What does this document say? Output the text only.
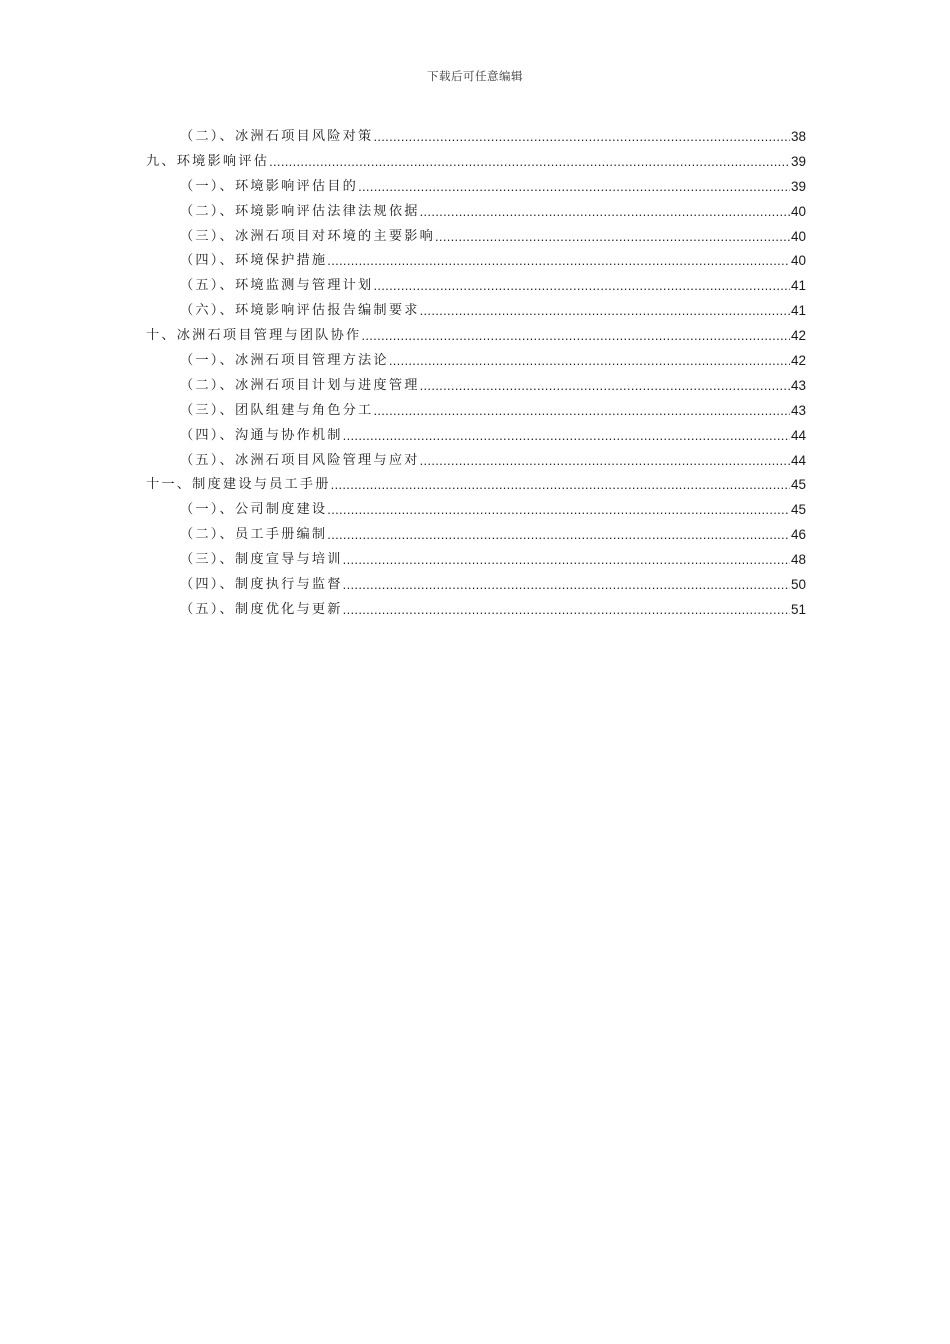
下载后可任意编辑
（二）、冰洲石项目风险对策 .....	38
九、环境影响评估 .....	39
（一）、环境影响评估目的 .....	39
（二）、环境影响评估法律法规依据 .....	40
（三）、冰洲石项目对环境的主要影响 .....	40
（四）、环境保护措施 .....	40
（五）、环境监测与管理计划 .....	41
（六）、环境影响评估报告编制要求 .....	41
十、冰洲石项目管理与团队协作 .....	42
（一）、冰洲石项目管理方法论 .....	42
（二）、冰洲石项目计划与进度管理 .....	43
（三）、团队组建与角色分工 .....	43
（四）、沟通与协作机制 .....	44
（五）、冰洲石项目风险管理与应对 .....	44
十一、制度建设与员工手册 .....	45
（一）、公司制度建设 .....	45
（二）、员工手册编制 .....	46
（三）、制度宣导与培训 .....	48
（四）、制度执行与监督 .....	50
（五）、制度优化与更新 .....	51
